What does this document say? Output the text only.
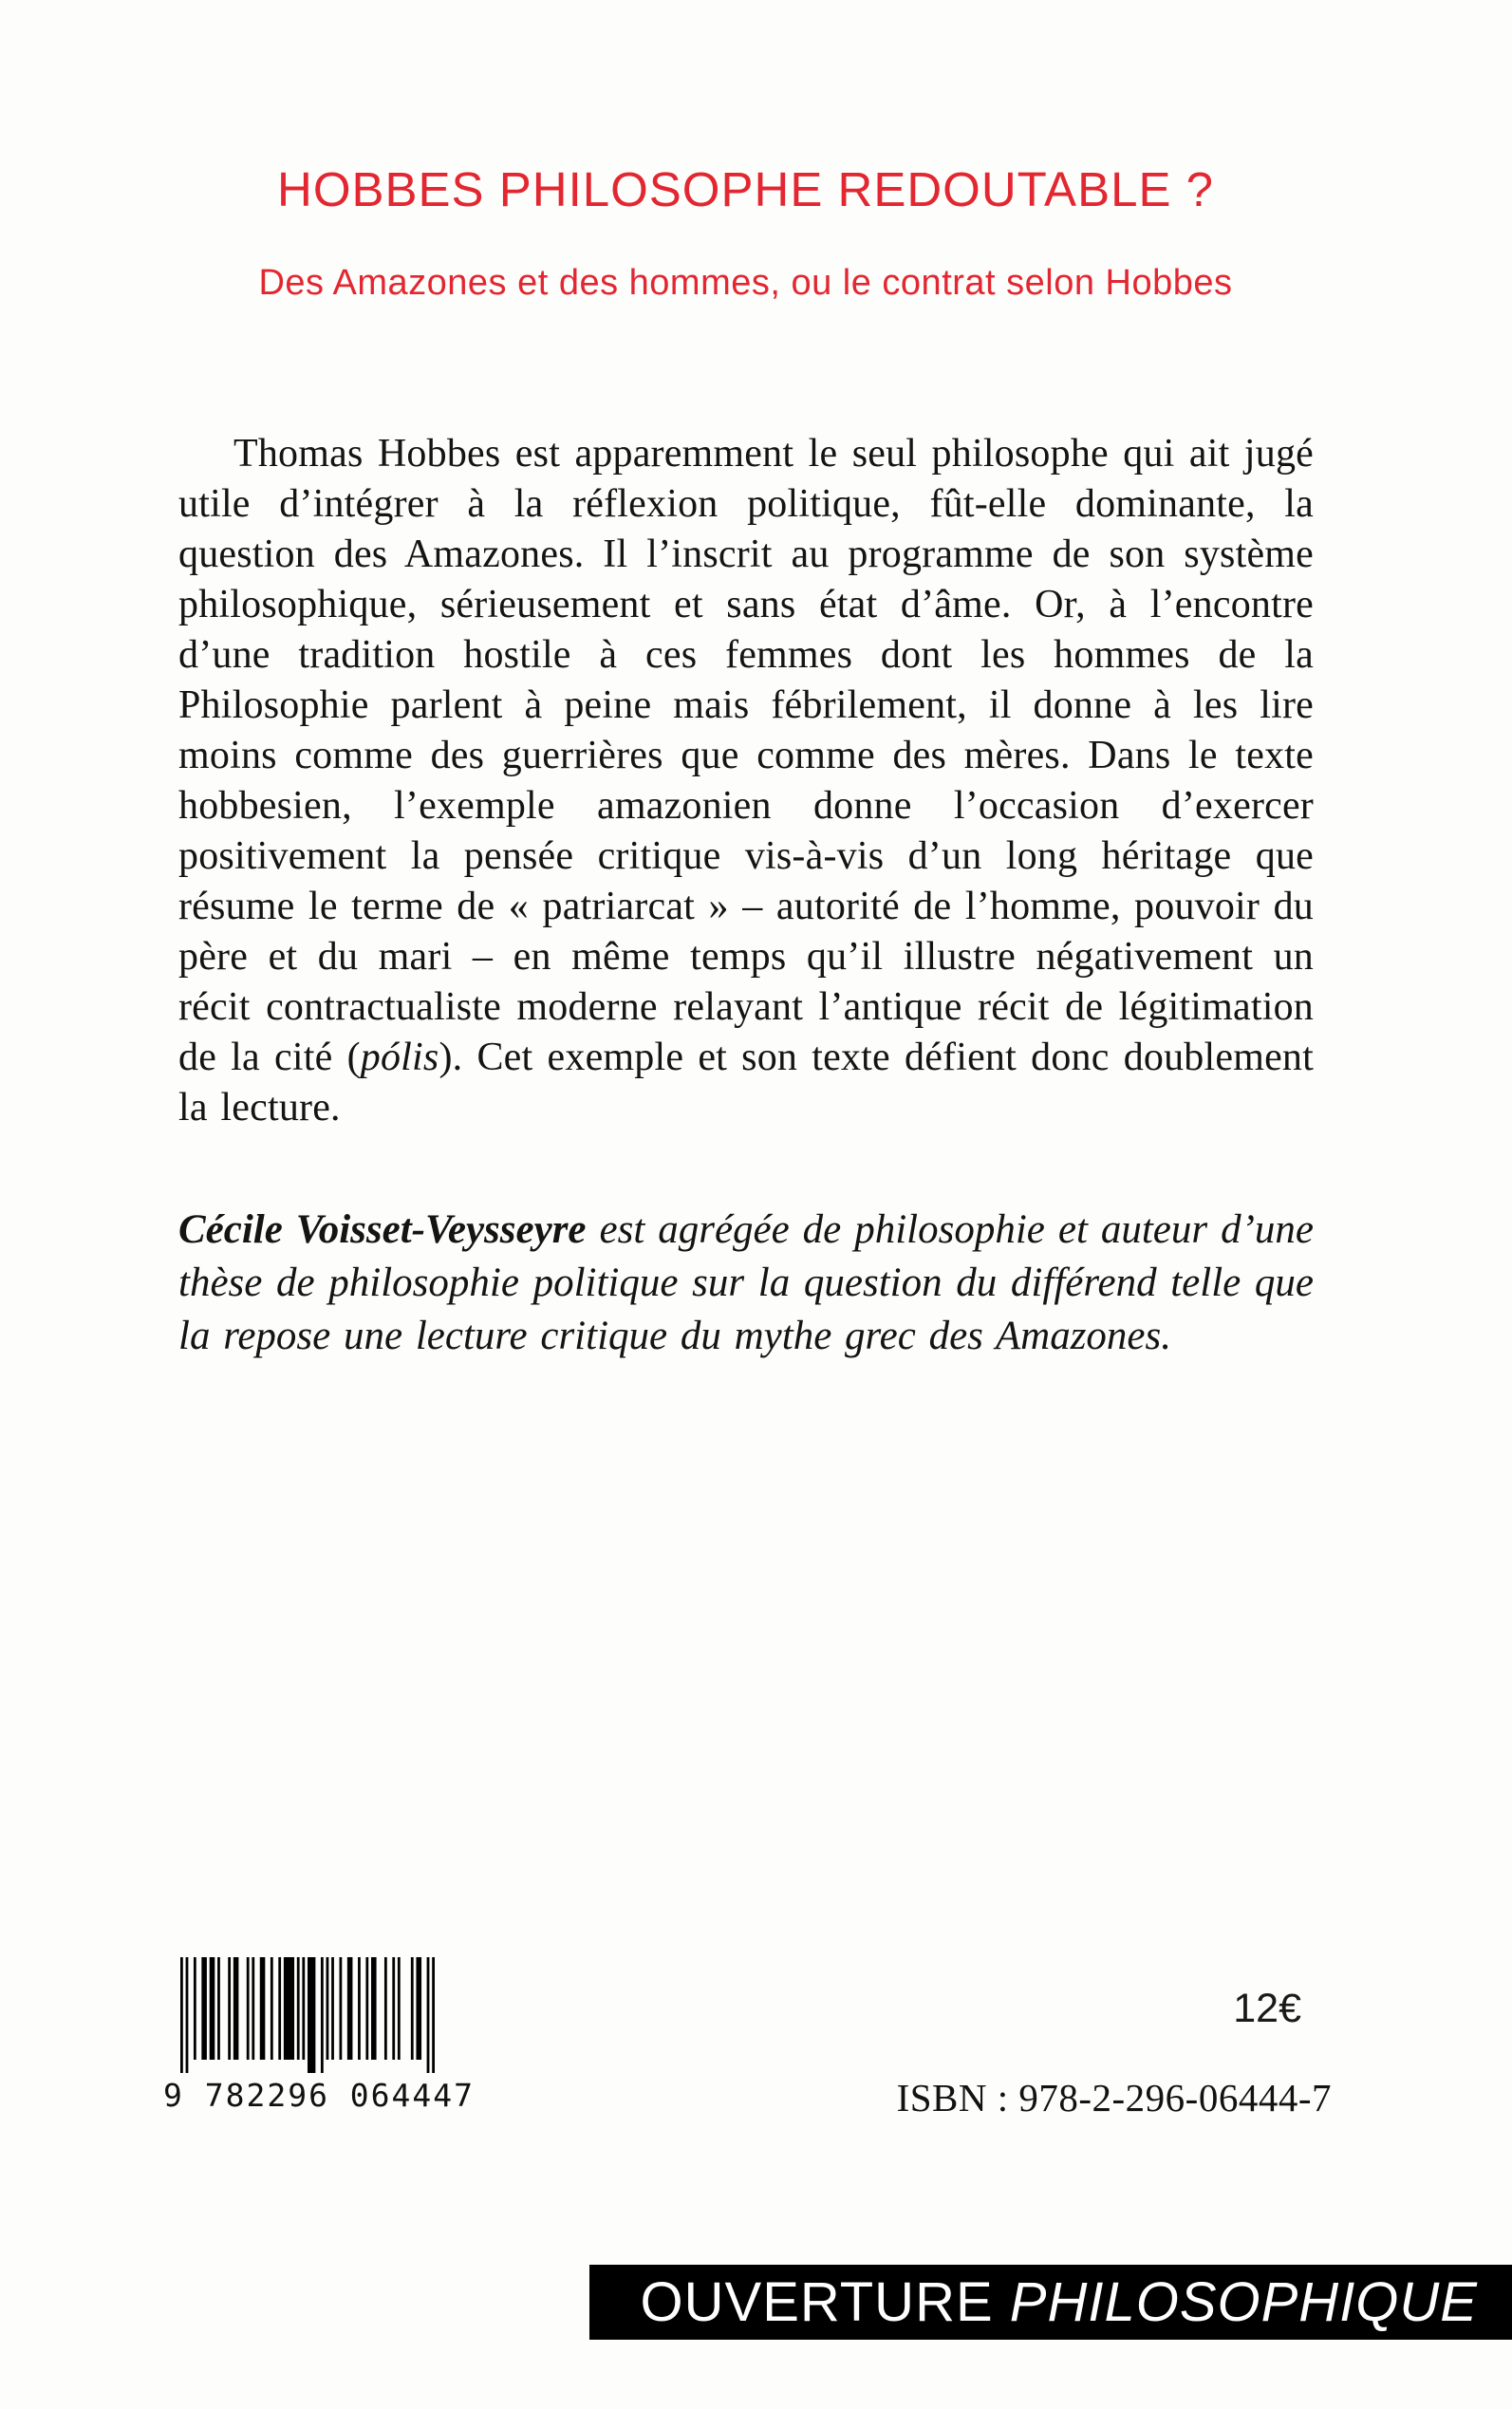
HOBBES PHILOSOPHE REDOUTABLE ?
Des Amazones et des hommes, ou le contrat selon Hobbes

Thomas Hobbes est apparemment le seul philosophe qui ait jugé utile d’intégrer à la réflexion politique, fût-elle dominante, la question des Amazones. Il l’inscrit au programme de son système philosophique, sérieusement et sans état d’âme. Or, à l’encontre d’une tradition hostile à ces femmes dont les hommes de la Philosophie parlent à peine mais fébrilement, il donne à les lire moins comme des guerrières que comme des mères. Dans le texte hobbesien, l’exemple amazonien donne l’occasion d’exercer positivement la pensée critique vis-à-vis d’un long héritage que résume le terme de « patriarcat » – autorité de l’homme, pouvoir du père et du mari – en même temps qu’il illustre négativement un récit contractualiste moderne relayant l’antique récit de légitimation de la cité (pólis). Cet exemple et son texte défient donc doublement la lecture.

Cécile Voisset-Veysseyre est agrégée de philosophie et auteur d’une thèse de philosophie politique sur la question du différend telle que la repose une lecture critique du mythe grec des Amazones.

9 782296 064447
12€
ISBN : 978-2-296-06444-7
OUVERTURE PHILOSOPHIQUE
